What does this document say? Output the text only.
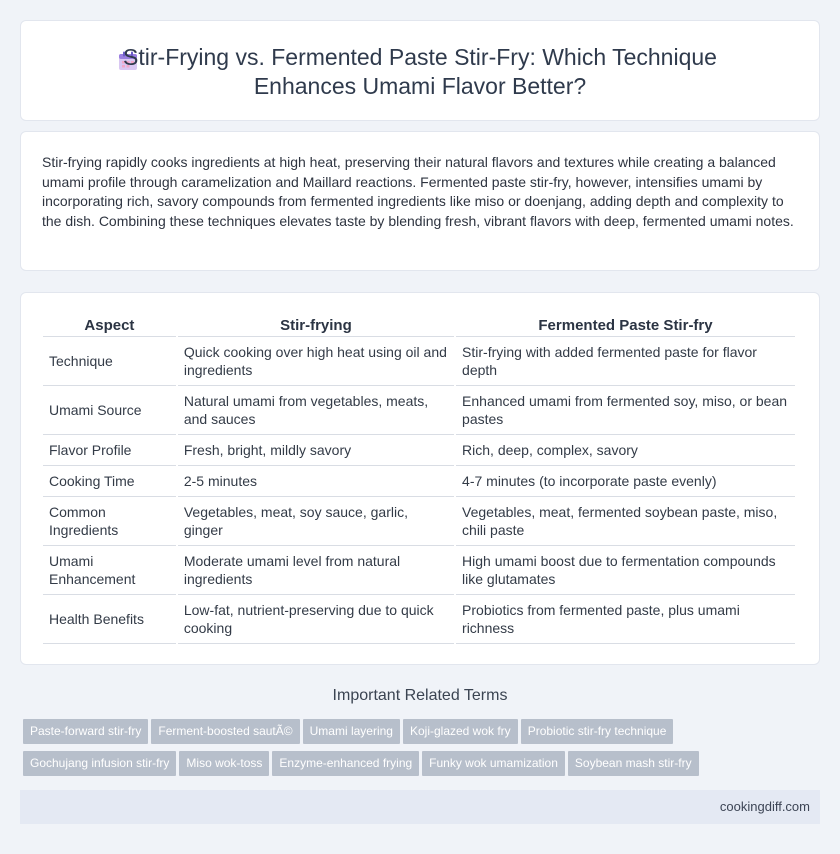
Stir-Frying vs. Fermented Paste Stir-Fry: Which Technique
Enhances Umami Flavor Better?

Stir-frying rapidly cooks ingredients at high heat, preserving their natural flavors and textures while creating a balanced umami profile through caramelization and Maillard reactions. Fermented paste stir-fry, however, intensifies umami by incorporating rich, savory compounds from fermented ingredients like miso or doenjang, adding depth and complexity to the dish. Combining these techniques elevates taste by blending fresh, vibrant flavors with deep, fermented umami notes.

Aspect	Stir-frying	Fermented Paste Stir-fry
Technique	Quick cooking over high heat using oil and ingredients	Stir-frying with added fermented paste for flavor depth
Umami Source	Natural umami from vegetables, meats, and sauces	Enhanced umami from fermented soy, miso, or bean pastes
Flavor Profile	Fresh, bright, mildly savory	Rich, deep, complex, savory
Cooking Time	2-5 minutes	4-7 minutes (to incorporate paste evenly)
Common Ingredients	Vegetables, meat, soy sauce, garlic, ginger	Vegetables, meat, fermented soybean paste, miso, chili paste
Umami Enhancement	Moderate umami level from natural ingredients	High umami boost due to fermentation compounds like glutamates
Health Benefits	Low-fat, nutrient-preserving due to quick cooking	Probiotics from fermented paste, plus umami richness
Important Related Terms
Paste-forward stir-fry Ferment-boosted sautÃ© Umami layering Koji-glazed wok fry Probiotic stir-fry technique
Gochujang infusion stir-fry Miso wok-toss Enzyme-enhanced frying Funky wok umamization Soybean mash stir-fry
cookingdiff.com
